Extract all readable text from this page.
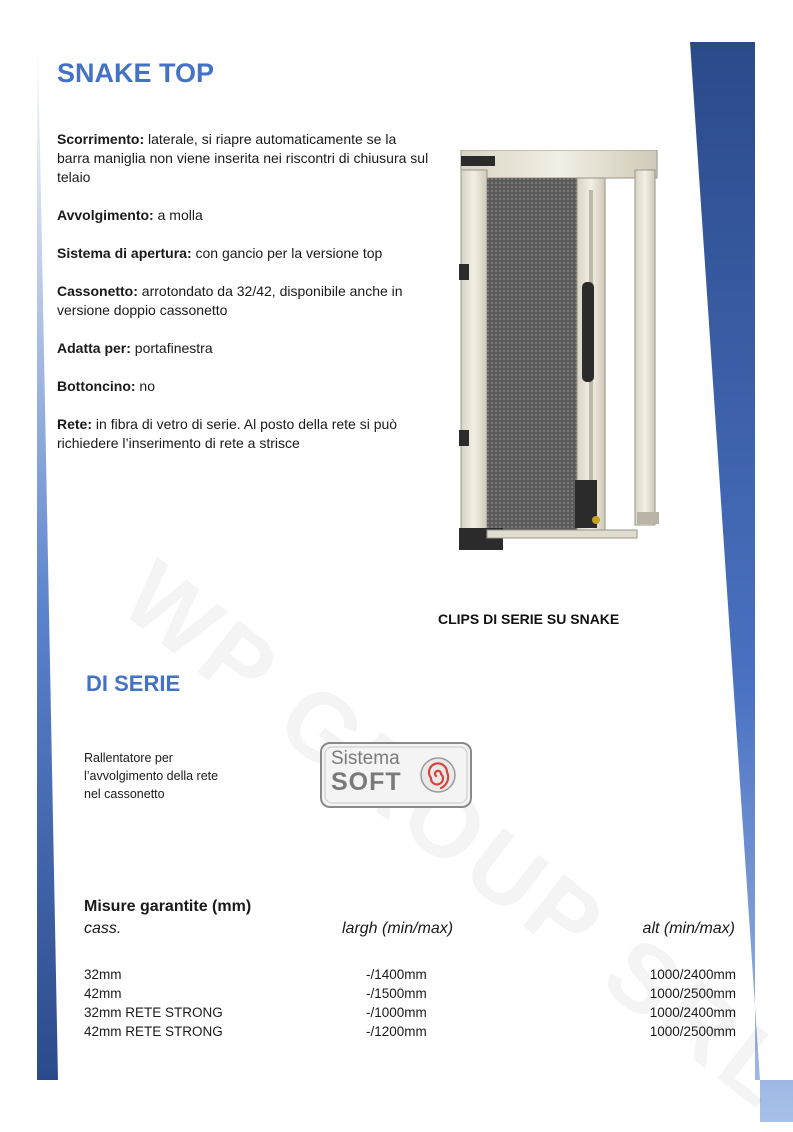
SNAKE TOP

Scorrimento: laterale, si riapre automaticamente se la barra maniglia non viene inserita nei riscontri di chiusura sul telaio

Avvolgimento: a molla

Sistema di apertura: con gancio per la versione top

Cassonetto: arrotondato da 32/42, disponibile anche in versione doppio cassonetto

Adatta per: portafinestra

Bottoncino: no

Rete: in fibra di vetro di serie. Al posto della rete si può richiedere l’inserimento di rete a strisce

CLIPS DI SERIE SU SNAKE
DI SERIE
Rallentatore per l’avvolgimento della rete nel cassonetto
Sistema
SOFT
Misure garantite (mm)
cass.	largh (min/max)	alt (min/max)
32mm	-/1400mm	1000/2400mm
42mm	-/1500mm	1000/2500mm
32mm RETE STRONG	-/1000mm	1000/2400mm
42mm RETE STRONG	-/1200mm	1000/2500mm
